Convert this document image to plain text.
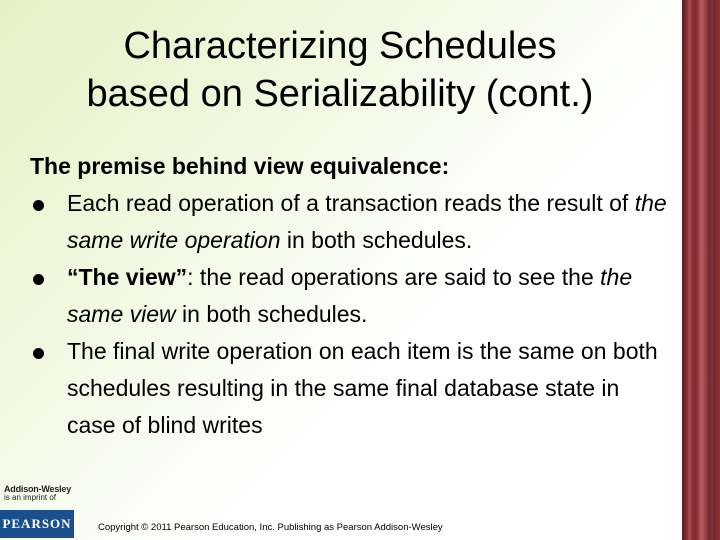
Characterizing Schedules
based on Serializability (cont.)
The premise behind view equivalence:
Each read operation of a transaction reads the result of the same write operation in both schedules.
“The view”: the read operations are said to see the the same view in both schedules.
The final write operation on each item is the same on both schedules resulting in the same final database state in case of blind writes
Addison-Wesley
is an imprint of
PEARSON	Copyright © 2011 Pearson Education, Inc. Publishing as Pearson Addison-Wesley
